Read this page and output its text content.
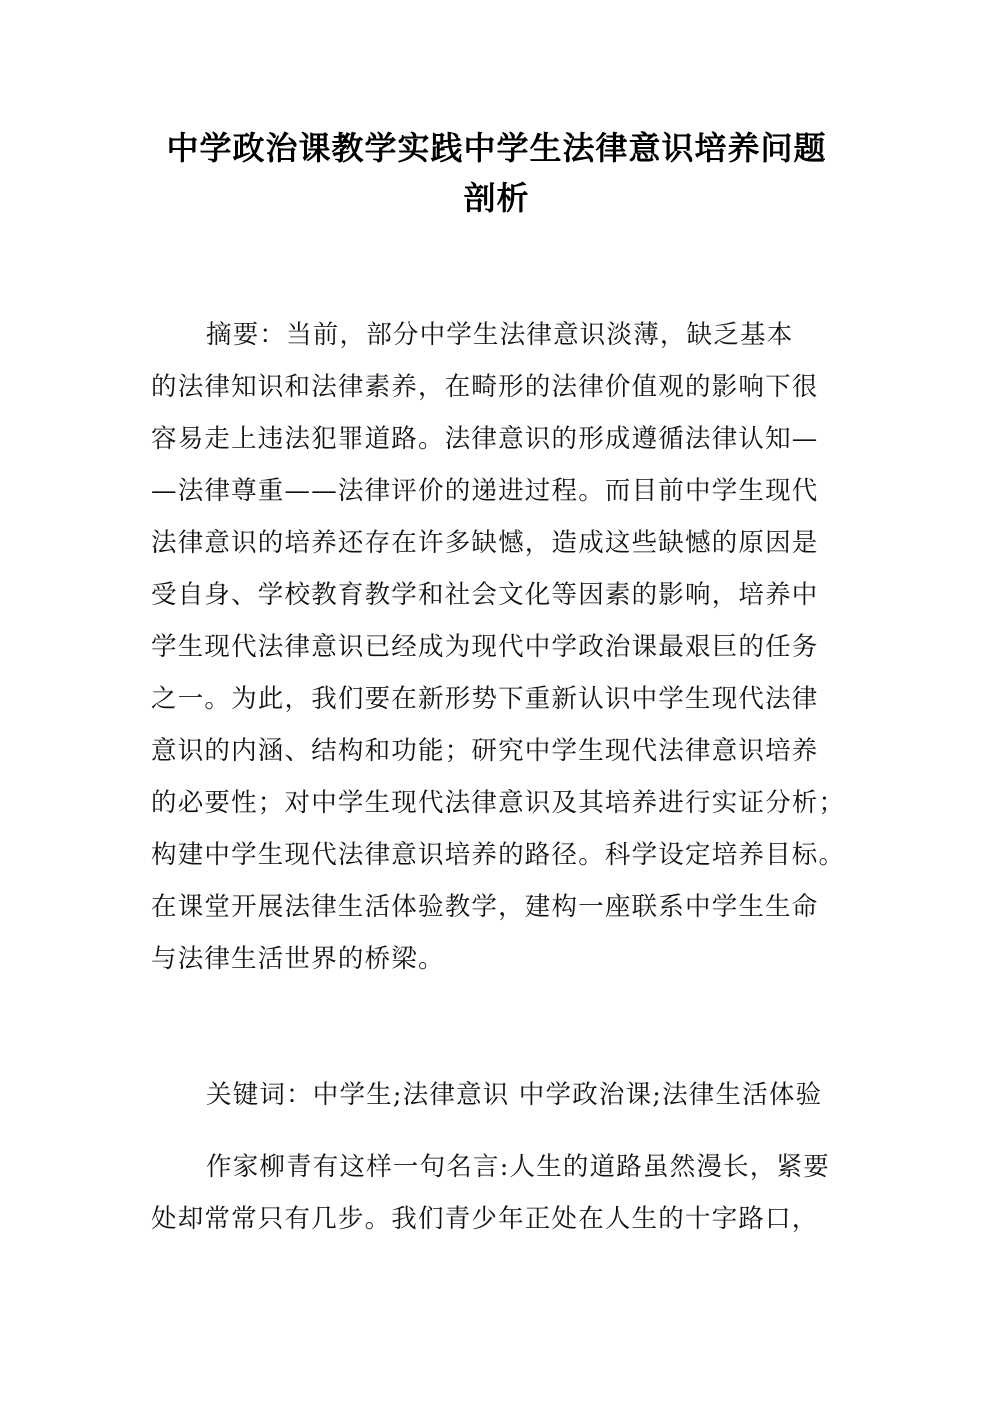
中学政治课教学实践中学生法律意识培养问题
剖析
摘要：当前，部分中学生法律意识淡薄，缺乏基本
的法律知识和法律素养，在畸形的法律价值观的影响下很
容易走上违法犯罪道路。法律意识的形成遵循法律认知—
—法律尊重——法律评价的递进过程。而目前中学生现代
法律意识的培养还存在许多缺憾，造成这些缺憾的原因是
受自身、学校教育教学和社会文化等因素的影响，培养中
学生现代法律意识已经成为现代中学政治课最艰巨的任务
之一。为此，我们要在新形势下重新认识中学生现代法律
意识的内涵、结构和功能；研究中学生现代法律意识培养
的必要性；对中学生现代法律意识及其培养进行实证分析；
构建中学生现代法律意识培养的路径。科学设定培养目标。
在课堂开展法律生活体验教学，建构一座联系中学生生命
与法律生活世界的桥梁。
关键词：中学生;法律意识 中学政治课;法律生活体验
作家柳青有这样一句名言:人生的道路虽然漫长，紧要
处却常常只有几步。我们青少年正处在人生的十字路口，
